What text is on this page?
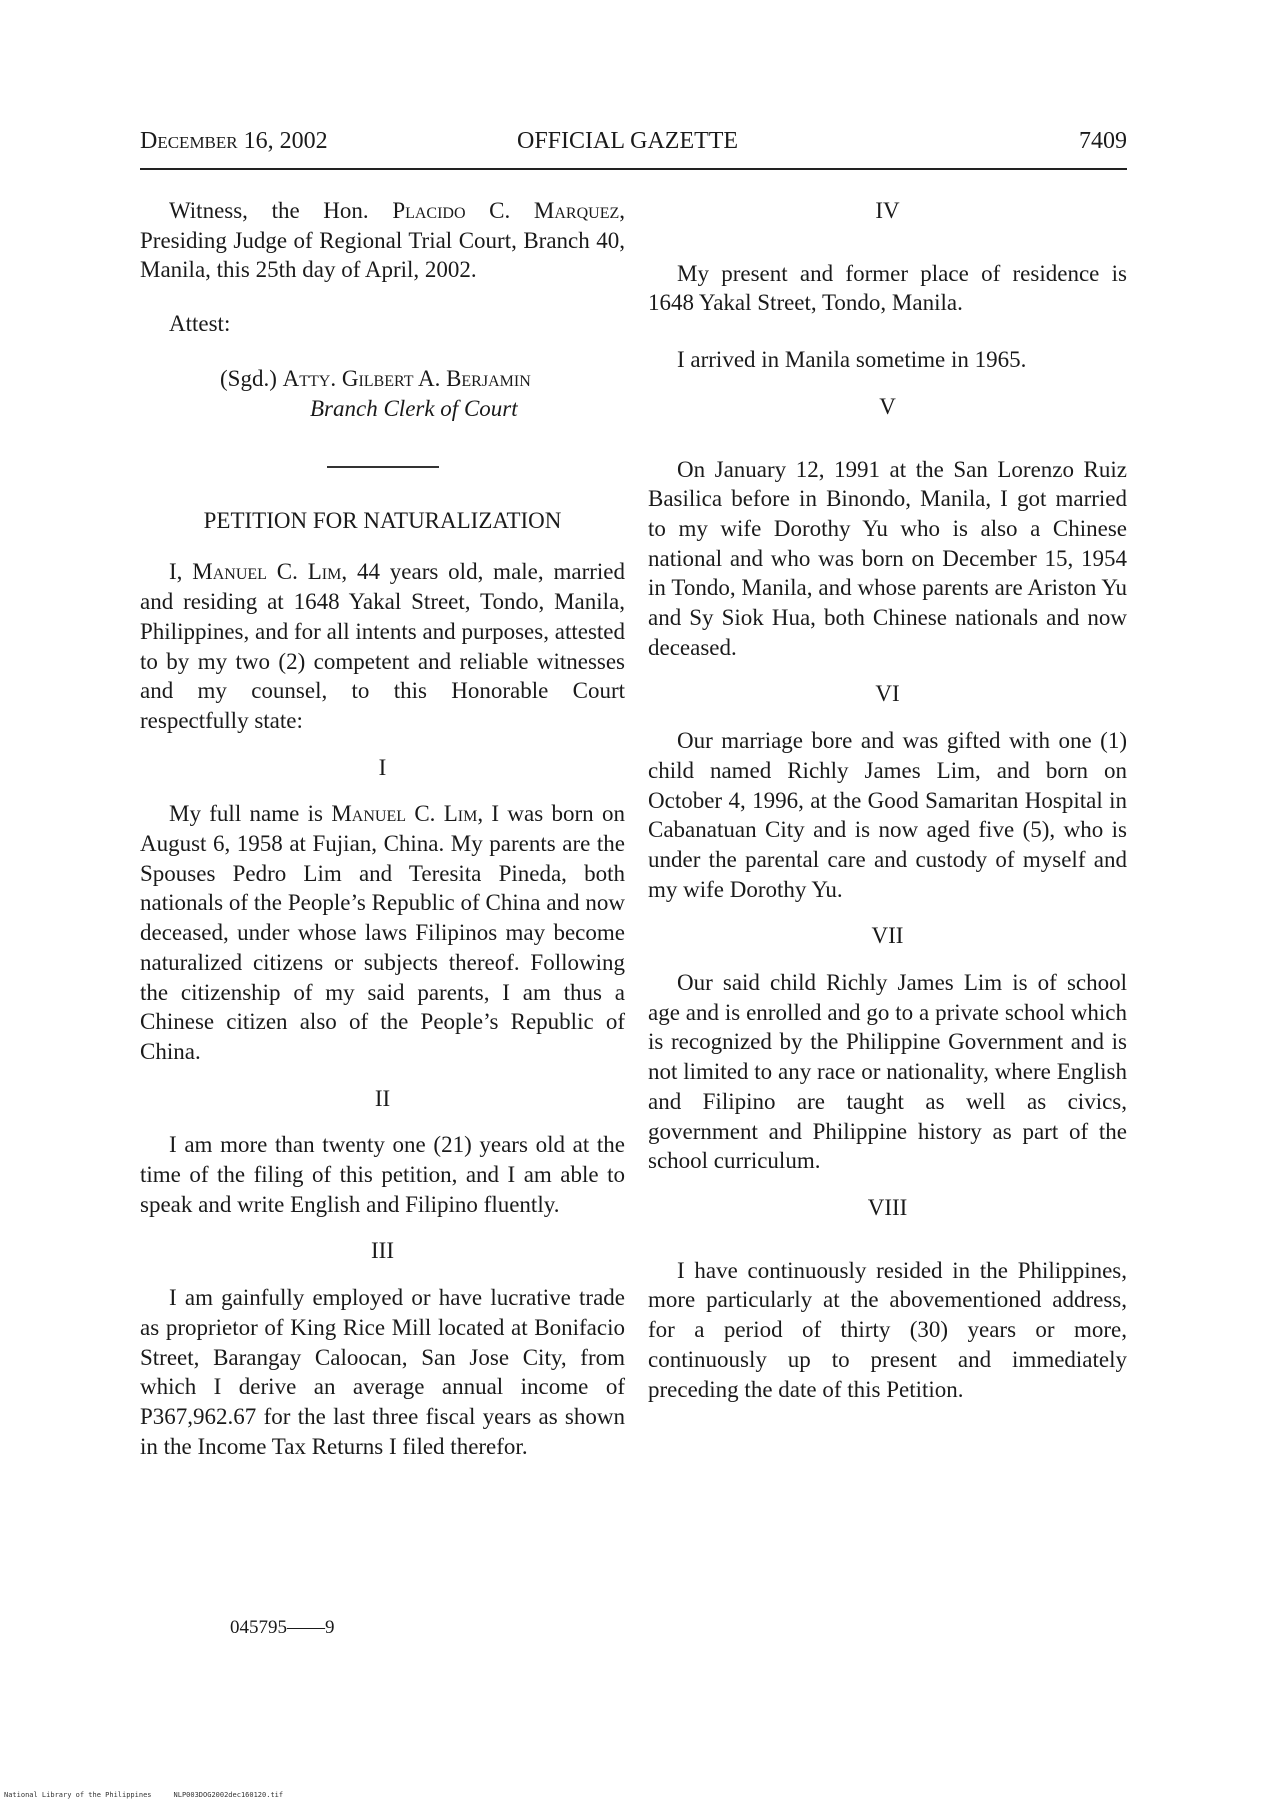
December 16, 2002	OFFICIAL GAZETTE	7409

Witness, the Hon. Placido C. Marquez, Presiding Judge of Regional Trial Court, Branch 40, Manila, this 25th day of April, 2002.

Attest:

(Sgd.) Atty. Gilbert A. Berjamin
Branch Clerk of Court

PETITION FOR NATURALIZATION

I, Manuel C. Lim, 44 years old, male, married and residing at 1648 Yakal Street, Tondo, Manila, Philippines, and for all intents and purposes, attested to by my two (2) competent and reliable witnesses and my counsel, to this Honorable Court respectfully state:

I

My full name is Manuel C. Lim, I was born on August 6, 1958 at Fujian, China. My parents are the Spouses Pedro Lim and Teresita Pineda, both nationals of the People’s Republic of China and now deceased, under whose laws Filipinos may become naturalized citizens or subjects thereof. Following the citizenship of my said parents, I am thus a Chinese citizen also of the People’s Republic of China.

II

I am more than twenty one (21) years old at the time of the filing of this petition, and I am able to speak and write English and Filipino fluently.

III

I am gainfully employed or have lucrative trade as proprietor of King Rice Mill located at Bonifacio Street, Barangay Caloocan, San Jose City, from which I derive an average annual income of P367,962.67 for the last three fiscal years as shown in the Income Tax Returns I filed therefor.

IV

My present and former place of residence is 1648 Yakal Street, Tondo, Manila.

I arrived in Manila sometime in 1965.

V

On January 12, 1991 at the San Lorenzo Ruiz Basilica before in Binondo, Manila, I got married to my wife Dorothy Yu who is also a Chinese national and who was born on December 15, 1954 in Tondo, Manila, and whose parents are Ariston Yu and Sy Siok Hua, both Chinese nationals and now deceased.

VI

Our marriage bore and was gifted with one (1) child named Richly James Lim, and born on October 4, 1996, at the Good Samaritan Hospital in Cabanatuan City and is now aged five (5), who is under the parental care and custody of myself and my wife Dorothy Yu.

VII

Our said child Richly James Lim is of school age and is enrolled and go to a private school which is recognized by the Philippine Government and is not limited to any race or nationality, where English and Filipino are taught as well as civics, government and Philippine history as part of the school curriculum.

VIII

I have continuously resided in the Philippines, more particularly at the abovementioned address, for a period of thirty (30) years or more, continuously up to present and immediately preceding the date of this Petition.

045795——9
National Library of the Philippines	NLP003DOG2002dec160120.tif
